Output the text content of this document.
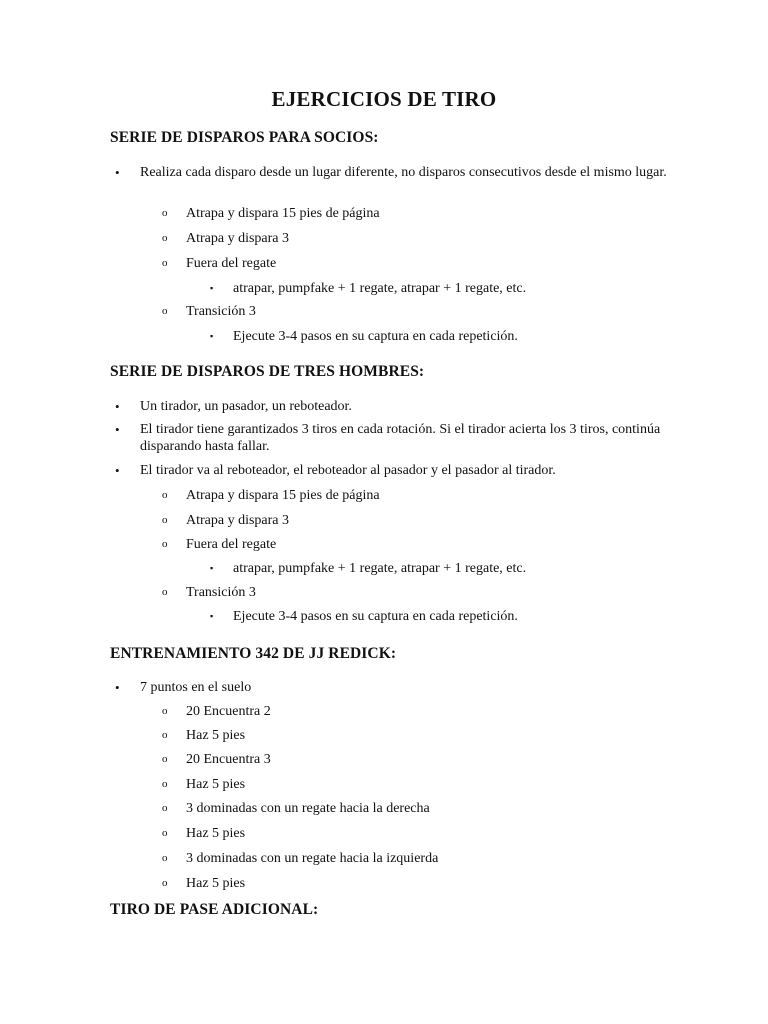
EJERCICIOS DE TIRO
SERIE DE DISPAROS PARA SOCIOS:
• Realiza cada disparo desde un lugar diferente, no disparos consecutivos desde el mismo lugar.
o Atrapa y dispara 15 pies de página
o Atrapa y dispara 3
o Fuera del regate
▪ atrapar, pumpfake + 1 regate, atrapar + 1 regate, etc.
o Transición 3
▪ Ejecute 3-4 pasos en su captura en cada repetición.
SERIE DE DISPAROS DE TRES HOMBRES:
• Un tirador, un pasador, un reboteador.
• El tirador tiene garantizados 3 tiros en cada rotación. Si el tirador acierta los 3 tiros, continúa disparando hasta fallar.
• El tirador va al reboteador, el reboteador al pasador y el pasador al tirador.
o Atrapa y dispara 15 pies de página
o Atrapa y dispara 3
o Fuera del regate
▪ atrapar, pumpfake + 1 regate, atrapar + 1 regate, etc.
o Transición 3
▪ Ejecute 3-4 pasos en su captura en cada repetición.
ENTRENAMIENTO 342 DE JJ REDICK:
• 7 puntos en el suelo
o 20 Encuentra 2
o Haz 5 pies
o 20 Encuentra 3
o Haz 5 pies
o 3 dominadas con un regate hacia la derecha
o Haz 5 pies
o 3 dominadas con un regate hacia la izquierda
o Haz 5 pies
TIRO DE PASE ADICIONAL:
